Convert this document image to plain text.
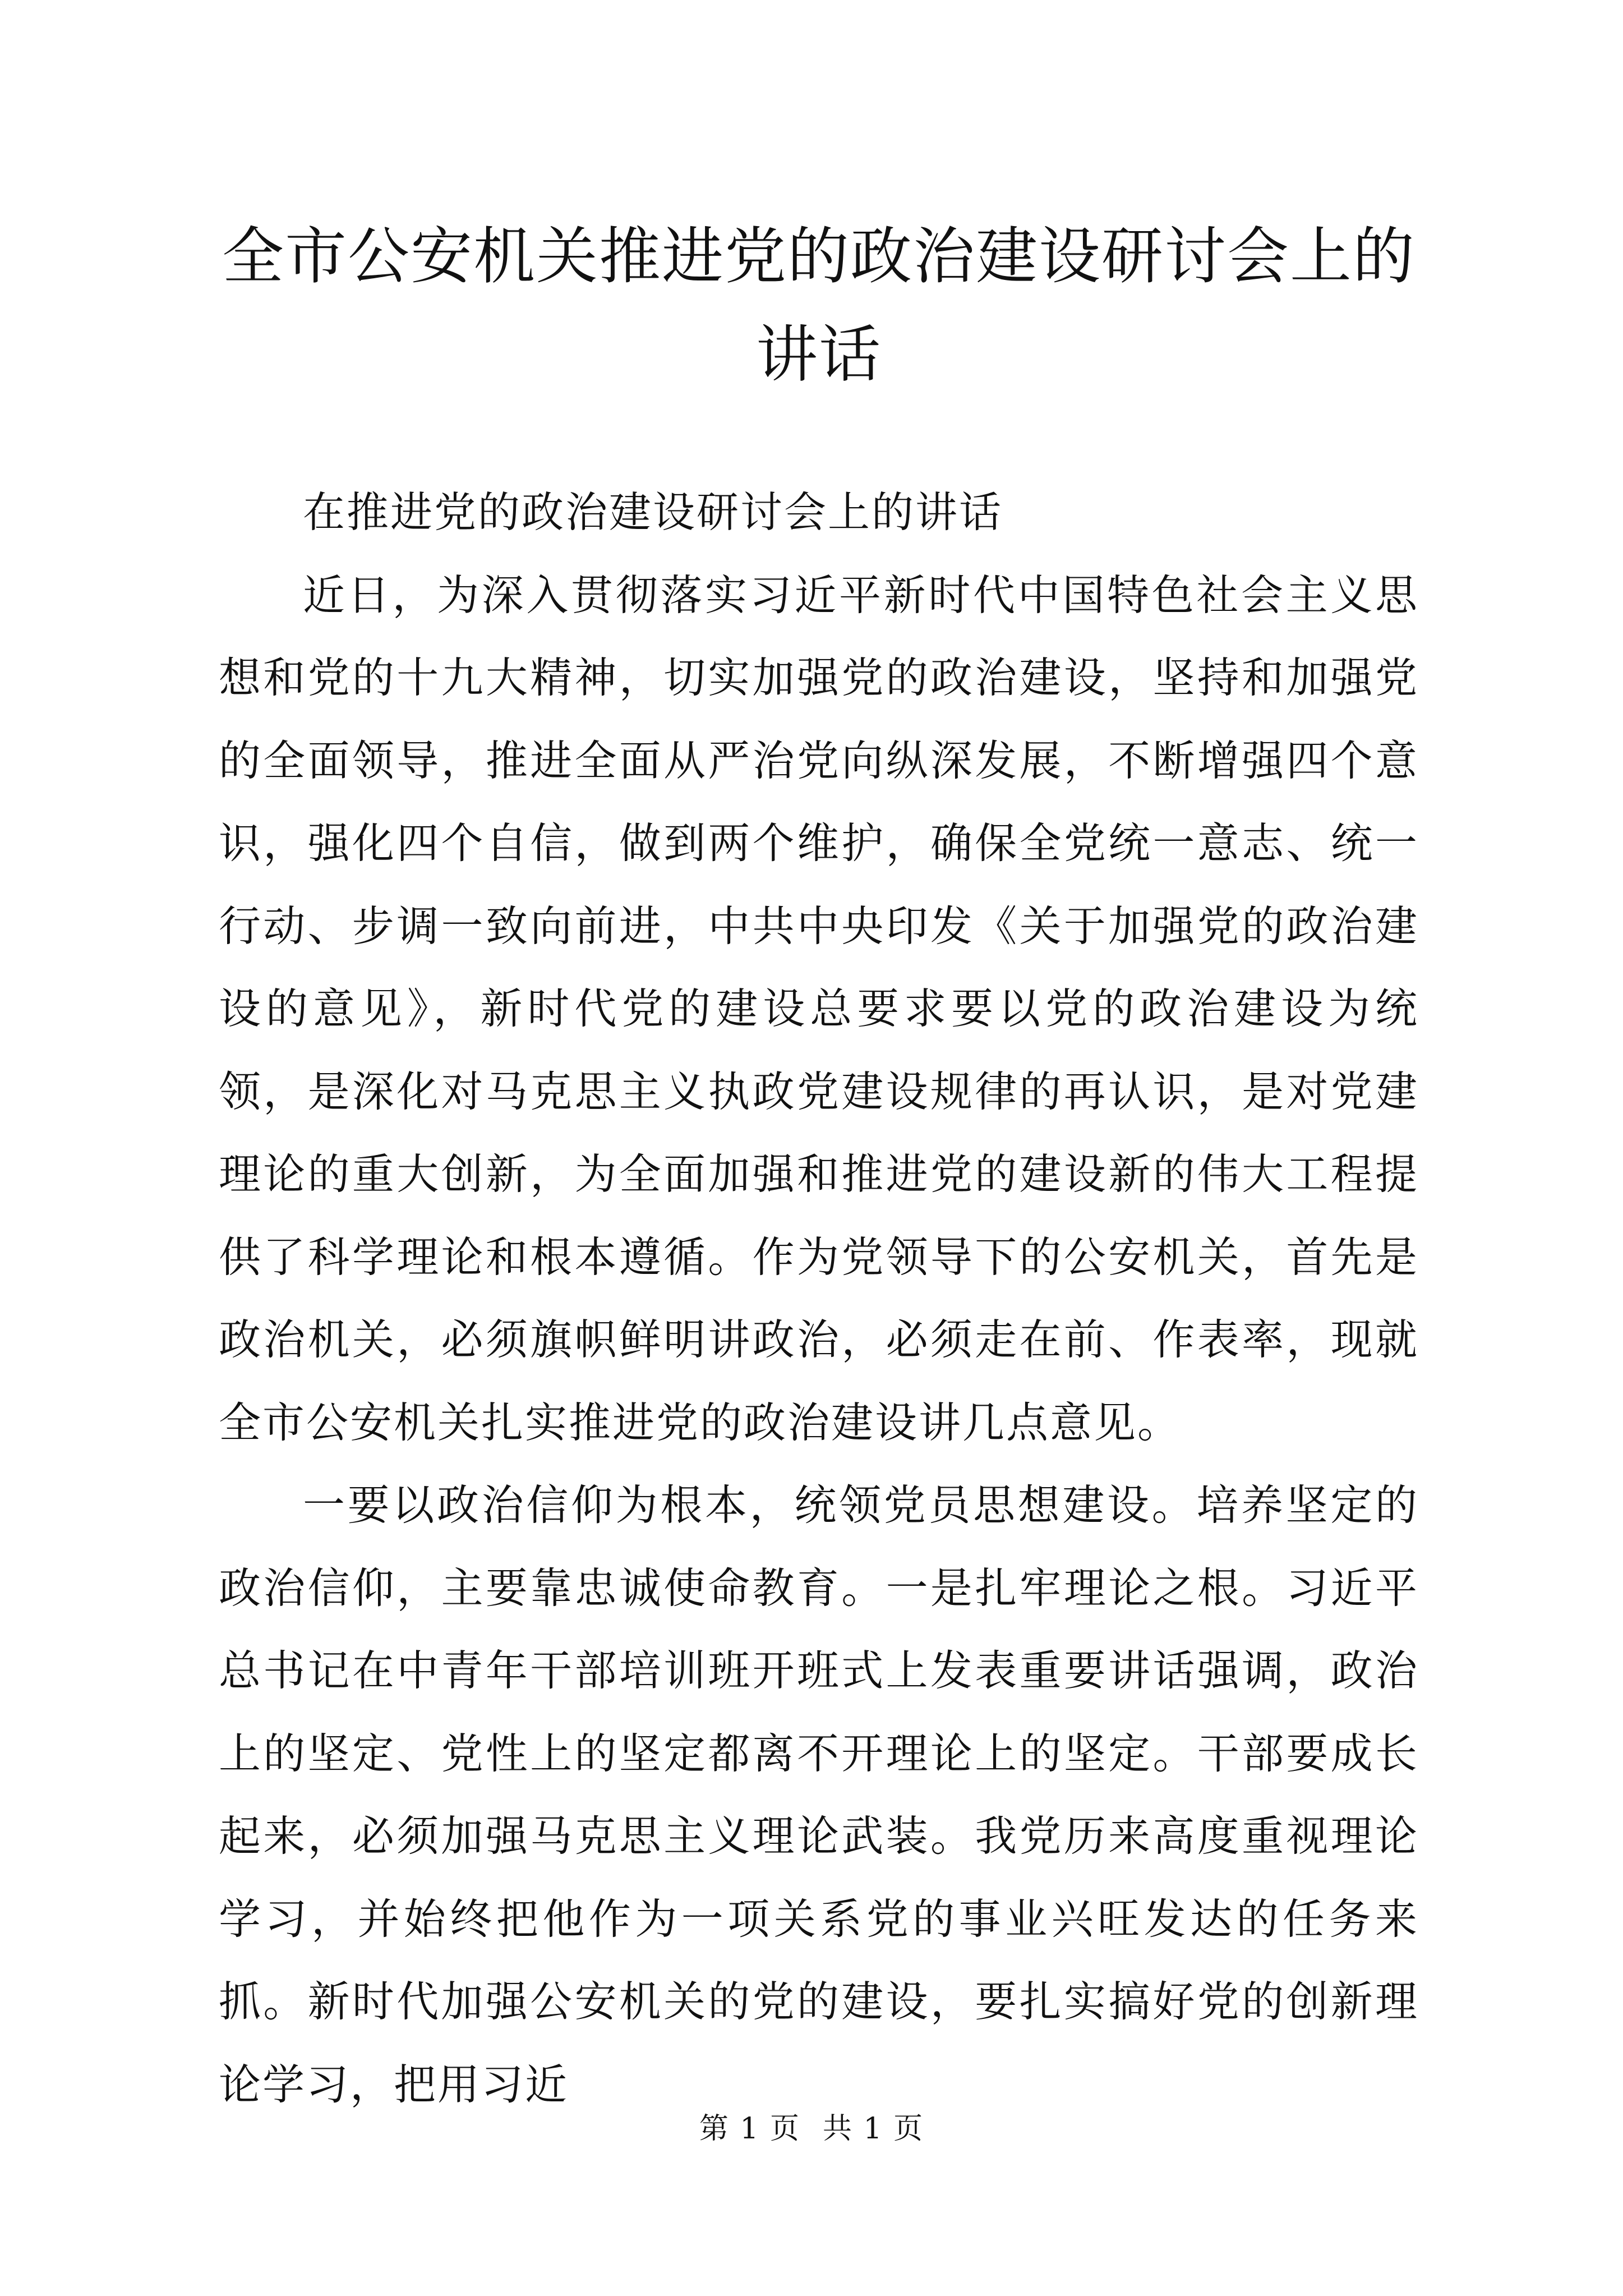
全市公安机关推进党的政治建设研讨会上的讲话

在推进党的政治建设研讨会上的讲话

近日，为深入贯彻落实习近平新时代中国特色社会主义思想和党的十九大精神，切实加强党的政治建设，坚持和加强党的全面领导，推进全面从严治党向纵深发展，不断增强四个意识，强化四个自信，做到两个维护，确保全党统一意志、统一行动、步调一致向前进，中共中央印发《关于加强党的政治建设的意见》，新时代党的建设总要求要以党的政治建设为统领，是深化对马克思主义执政党建设规律的再认识，是对党建理论的重大创新，为全面加强和推进党的建设新的伟大工程提供了科学理论和根本遵循。作为党领导下的公安机关，首先是政治机关，必须旗帜鲜明讲政治，必须走在前、作表率，现就全市公安机关扎实推进党的政治建设讲几点意见。

一要以政治信仰为根本，统领党员思想建设。培养坚定的政治信仰，主要靠忠诚使命教育。一是扎牢理论之根。习近平总书记在中青年干部培训班开班式上发表重要讲话强调，政治上的坚定、党性上的坚定都离不开理论上的坚定。干部要成长起来，必须加强马克思主义理论武装。我党历来高度重视理论学习，并始终把他作为一项关系党的事业兴旺发达的任务来抓。新时代加强公安机关的党的建设，要扎实搞好党的创新理论学习，把用习近

第 1 页 共 1 页
